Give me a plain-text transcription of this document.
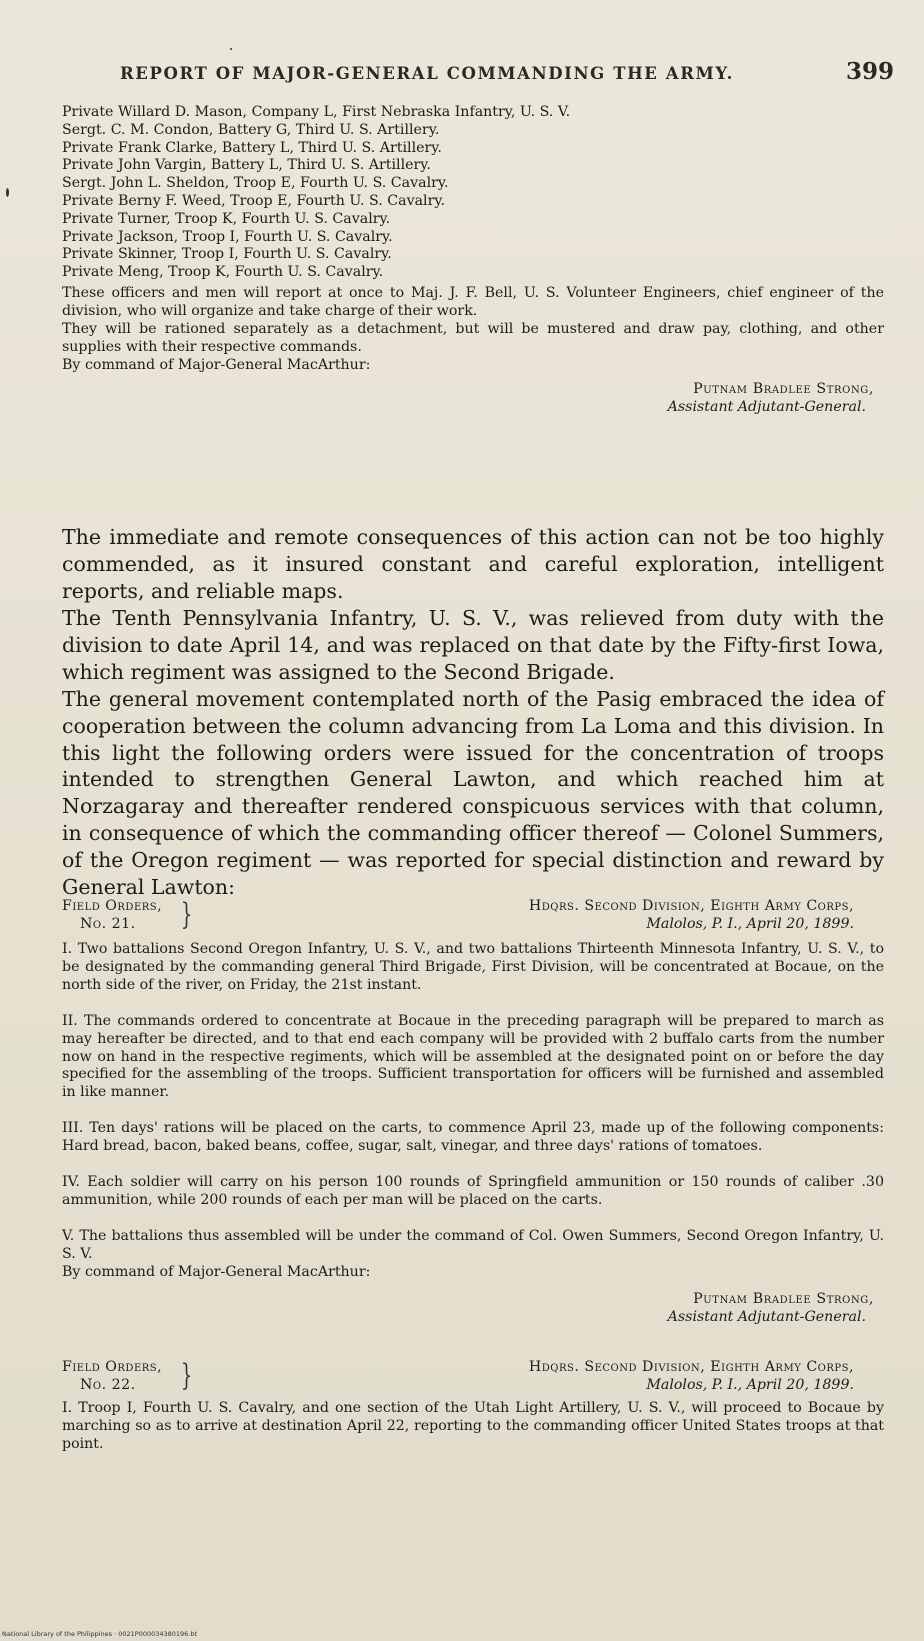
REPORT OF MAJOR-GENERAL COMMANDING THE ARMY.	399
Private Willard D. Mason, Company L, First Nebraska Infantry, U. S. V.
Sergt. C. M. Condon, Battery G, Third U. S. Artillery.
Private Frank Clarke, Battery L, Third U. S. Artillery.
Private John Vargin, Battery L, Third U. S. Artillery.
Sergt. John L. Sheldon, Troop E, Fourth U. S. Cavalry.
Private Berny F. Weed, Troop E, Fourth U. S. Cavalry.
Private Turner, Troop K, Fourth U. S. Cavalry.
Private Jackson, Troop I, Fourth U. S. Cavalry.
Private Skinner, Troop I, Fourth U. S. Cavalry.
Private Meng, Troop K, Fourth U. S. Cavalry.
These officers and men will report at once to Maj. J. F. Bell, U. S. Volunteer Engineers, chief engineer of the division, who will organize and take charge of their work.
They will be rationed separately as a detachment, but will be mustered and draw pay, clothing, and other supplies with their respective commands.
By command of Major-General MacArthur:
Putnam Bradlee Strong,
Assistant Adjutant-General.
The immediate and remote consequences of this action can not be too highly commended, as it insured constant and careful exploration, intelligent reports, and reliable maps.
The Tenth Pennsylvania Infantry, U. S. V., was relieved from duty with the division to date April 14, and was replaced on that date by the Fifty-first Iowa, which regiment was assigned to the Second Brigade.
The general movement contemplated north of the Pasig embraced the idea of cooperation between the column advancing from La Loma and this division. In this light the following orders were issued for the concentration of troops intended to strengthen General Lawton, and which reached him at Norzagaray and thereafter rendered conspicuous services with that column, in consequence of which the commanding officer thereof — Colonel Summers, of the Oregon regiment — was reported for special distinction and reward by General Lawton:
Field Orders,
No. 21.	}	Hdqrs. Second Division, Eighth Army Corps,
Malolos, P. I., April 20, 1899.
I. Two battalions Second Oregon Infantry, U. S. V., and two battalions Thirteenth Minnesota Infantry, U. S. V., to be designated by the commanding general Third Brigade, First Division, will be concentrated at Bocaue, on the north side of the river, on Friday, the 21st instant.
II. The commands ordered to concentrate at Bocaue in the preceding paragraph will be prepared to march as may hereafter be directed, and to that end each company will be provided with 2 buffalo carts from the number now on hand in the respective regiments, which will be assembled at the designated point on or before the day specified for the assembling of the troops. Sufficient transportation for officers will be furnished and assembled in like manner.
III. Ten days' rations will be placed on the carts, to commence April 23, made up of the following components: Hard bread, bacon, baked beans, coffee, sugar, salt, vinegar, and three days' rations of tomatoes.
IV. Each soldier will carry on his person 100 rounds of Springfield ammunition or 150 rounds of caliber .30 ammunition, while 200 rounds of each per man will be placed on the carts.
V. The battalions thus assembled will be under the command of Col. Owen Summers, Second Oregon Infantry, U. S. V.
By command of Major-General MacArthur:
Putnam Bradlee Strong,
Assistant Adjutant-General.
Field Orders,
No. 22.	}	Hdqrs. Second Division, Eighth Army Corps,
Malolos, P. I., April 20, 1899.
I. Troop I, Fourth U. S. Cavalry, and one section of the Utah Light Artillery, U. S. V., will proceed to Bocaue by marching so as to arrive at destination April 22, reporting to the commanding officer United States troops at that point.
National Library of the Philippines · 0021P000034380196.bt
